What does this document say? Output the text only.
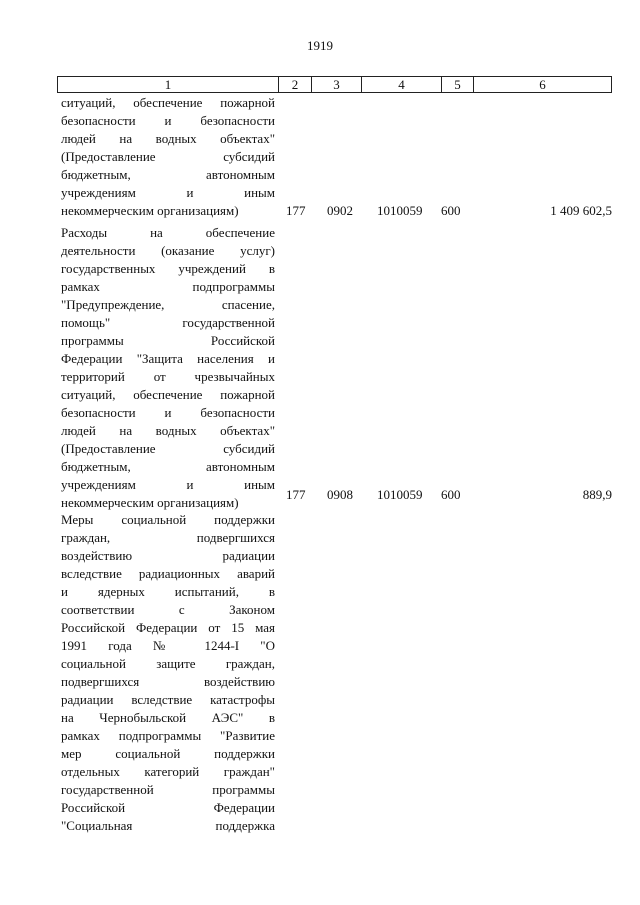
1919
1	2	3	4	5	6
ситуаций, обеспечение пожарной
безопасности и безопасности
людей на водных объектах"
(Предоставление субсидий
бюджетным, автономным
учреждениям и иным
некоммерческим организациям)	177 0902 1010059 600	1 409 602,5
Расходы на обеспечение
деятельности (оказание услуг)
государственных учреждений в
рамках подпрограммы
"Предупреждение, спасение,
помощь" государственной
программы Российской
Федерации "Защита населения и
территорий от чрезвычайных
ситуаций, обеспечение пожарной
безопасности и безопасности
людей на водных объектах"
(Предоставление субсидий
бюджетным, автономным
учреждениям и иным
некоммерческим организациям)
177 0908 1010059 600	889,9
Меры социальной поддержки
граждан, подвергшихся
воздействию радиации
вследствие радиационных аварий
и ядерных испытаний, в
соответствии с Законом
Российской Федерации от 15 мая
1991 года № 1244-I "О
социальной защите граждан,
подвергшихся воздействию
радиации вследствие катастрофы
на Чернобыльской АЭС" в
рамках подпрограммы "Развитие
мер социальной поддержки
отдельных категорий граждан"
государственной программы
Российской Федерации
"Социальная поддержка
